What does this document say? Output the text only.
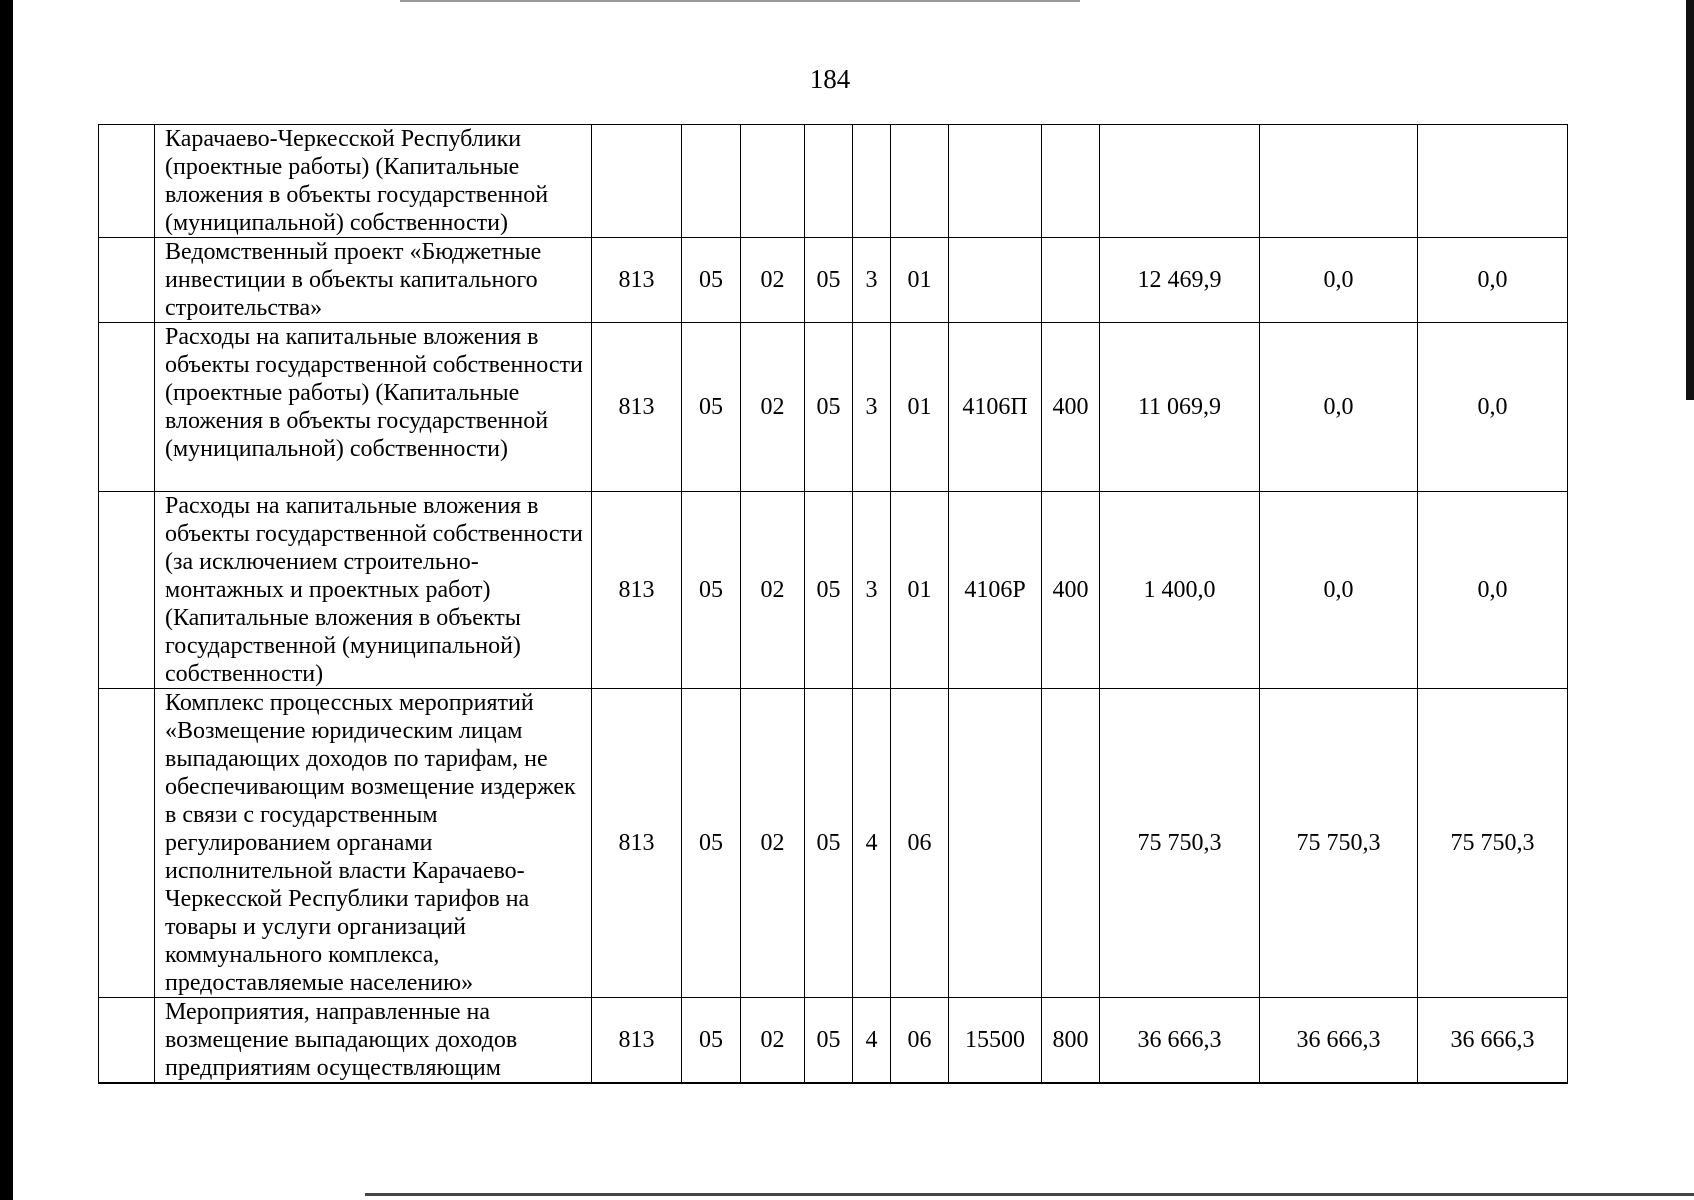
184
	Карачаево-Черкесской Республики (проектные работы) (Капитальные вложения в объекты государственной (муниципальной) собственности)											
	Ведомственный проект «Бюджетные инвестиции в объекты капитального строительства»	813	05	02	05	3	01			12 469,9	0,0	0,0
	Расходы на капитальные вложения в объекты государственной собственности (проектные работы) (Капитальные вложения в объекты государственной (муниципальной) собственности)	813	05	02	05	3	01	4106П	400	11 069,9	0,0	0,0
	Расходы на капитальные вложения в объекты государственной собственности (за исключением строительно-монтажных и проектных работ) (Капитальные вложения в объекты государственной (муниципальной) собственности)	813	05	02	05	3	01	4106Р	400	1 400,0	0,0	0,0
	Комплекс процессных мероприятий «Возмещение юридическим лицам выпадающих доходов по тарифам, не обеспечивающим возмещение издержек в связи с государственным регулированием органами исполнительной власти Карачаево-Черкесской Республики тарифов на товары и услуги организаций коммунального комплекса, предоставляемые населению»	813	05	02	05	4	06			75 750,3	75 750,3	75 750,3
	Мероприятия, направленные на возмещение выпадающих доходов предприятиям осуществляющим	813	05	02	05	4	06	15500	800	36 666,3	36 666,3	36 666,3
